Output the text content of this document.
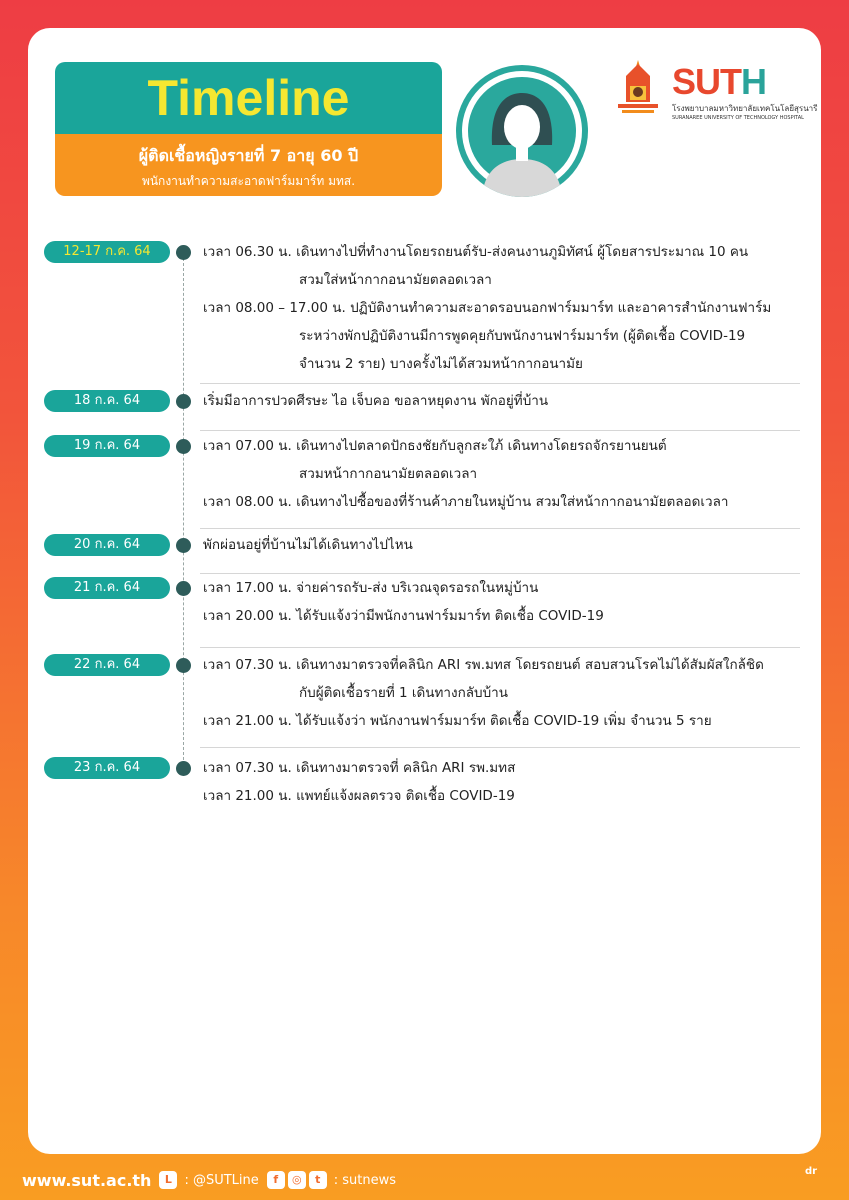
Timeline
ผู้ติดเชื้อหญิงรายที่ 7 อายุ 60 ปี
พนักงานทำความสะอาดฟาร์มมาร์ท มทส.
SUTH
โรงพยาบาลมหาวิทยาลัยเทคโนโลยีสุรนารี
SURANAREE UNIVERSITY OF TECHNOLOGY HOSPITAL
12-17 ก.ค. 64	เวลา 06.30 น. เดินทางไปที่ทำงานโดยรถยนต์รับ-ส่งคนงานภูมิทัศน์ ผู้โดยสารประมาณ 10 คน
สวมใส่หน้ากากอนามัยตลอดเวลา
เวลา 08.00 – 17.00 น. ปฏิบัติงานทำความสะอาดรอบนอกฟาร์มมาร์ท และอาคารสำนักงานฟาร์ม
ระหว่างพักปฏิบัติงานมีการพูดคุยกับพนักงานฟาร์มมาร์ท (ผู้ติดเชื้อ COVID-19
จำนวน 2 ราย) บางครั้งไม่ได้สวมหน้ากากอนามัย
18 ก.ค. 64	เริ่มมีอาการปวดศีรษะ ไอ เจ็บคอ ขอลาหยุดงาน พักอยู่ที่บ้าน
19 ก.ค. 64	เวลา 07.00 น. เดินทางไปตลาดปักธงชัยกับลูกสะใภ้ เดินทางโดยรถจักรยานยนต์
สวมหน้ากากอนามัยตลอดเวลา
เวลา 08.00 น. เดินทางไปซื้อของที่ร้านค้าภายในหมู่บ้าน สวมใส่หน้ากากอนามัยตลอดเวลา
20 ก.ค. 64	พักผ่อนอยู่ที่บ้านไม่ได้เดินทางไปไหน
21 ก.ค. 64	เวลา 17.00 น. จ่ายค่ารถรับ-ส่ง บริเวณจุดรอรถในหมู่บ้าน
เวลา 20.00 น. ได้รับแจ้งว่ามีพนักงานฟาร์มมาร์ท ติดเชื้อ COVID-19
22 ก.ค. 64	เวลา 07.30 น. เดินทางมาตรวจที่คลินิก ARI รพ.มทส โดยรถยนต์ สอบสวนโรคไม่ได้สัมผัสใกล้ชิด
กับผู้ติดเชื้อรายที่ 1 เดินทางกลับบ้าน
เวลา 21.00 น. ได้รับแจ้งว่า พนักงานฟาร์มมาร์ท ติดเชื้อ COVID-19 เพิ่ม จำนวน 5 ราย
23 ก.ค. 64	เวลา 07.30 น. เดินทางมาตรวจที่ คลินิก ARI รพ.มทส
เวลา 21.00 น. แพทย์แจ้งผลตรวจ ติดเชื้อ COVID-19
www.sut.ac.th	L : @SUTLine	f	◎	t	: sutnews
dr
